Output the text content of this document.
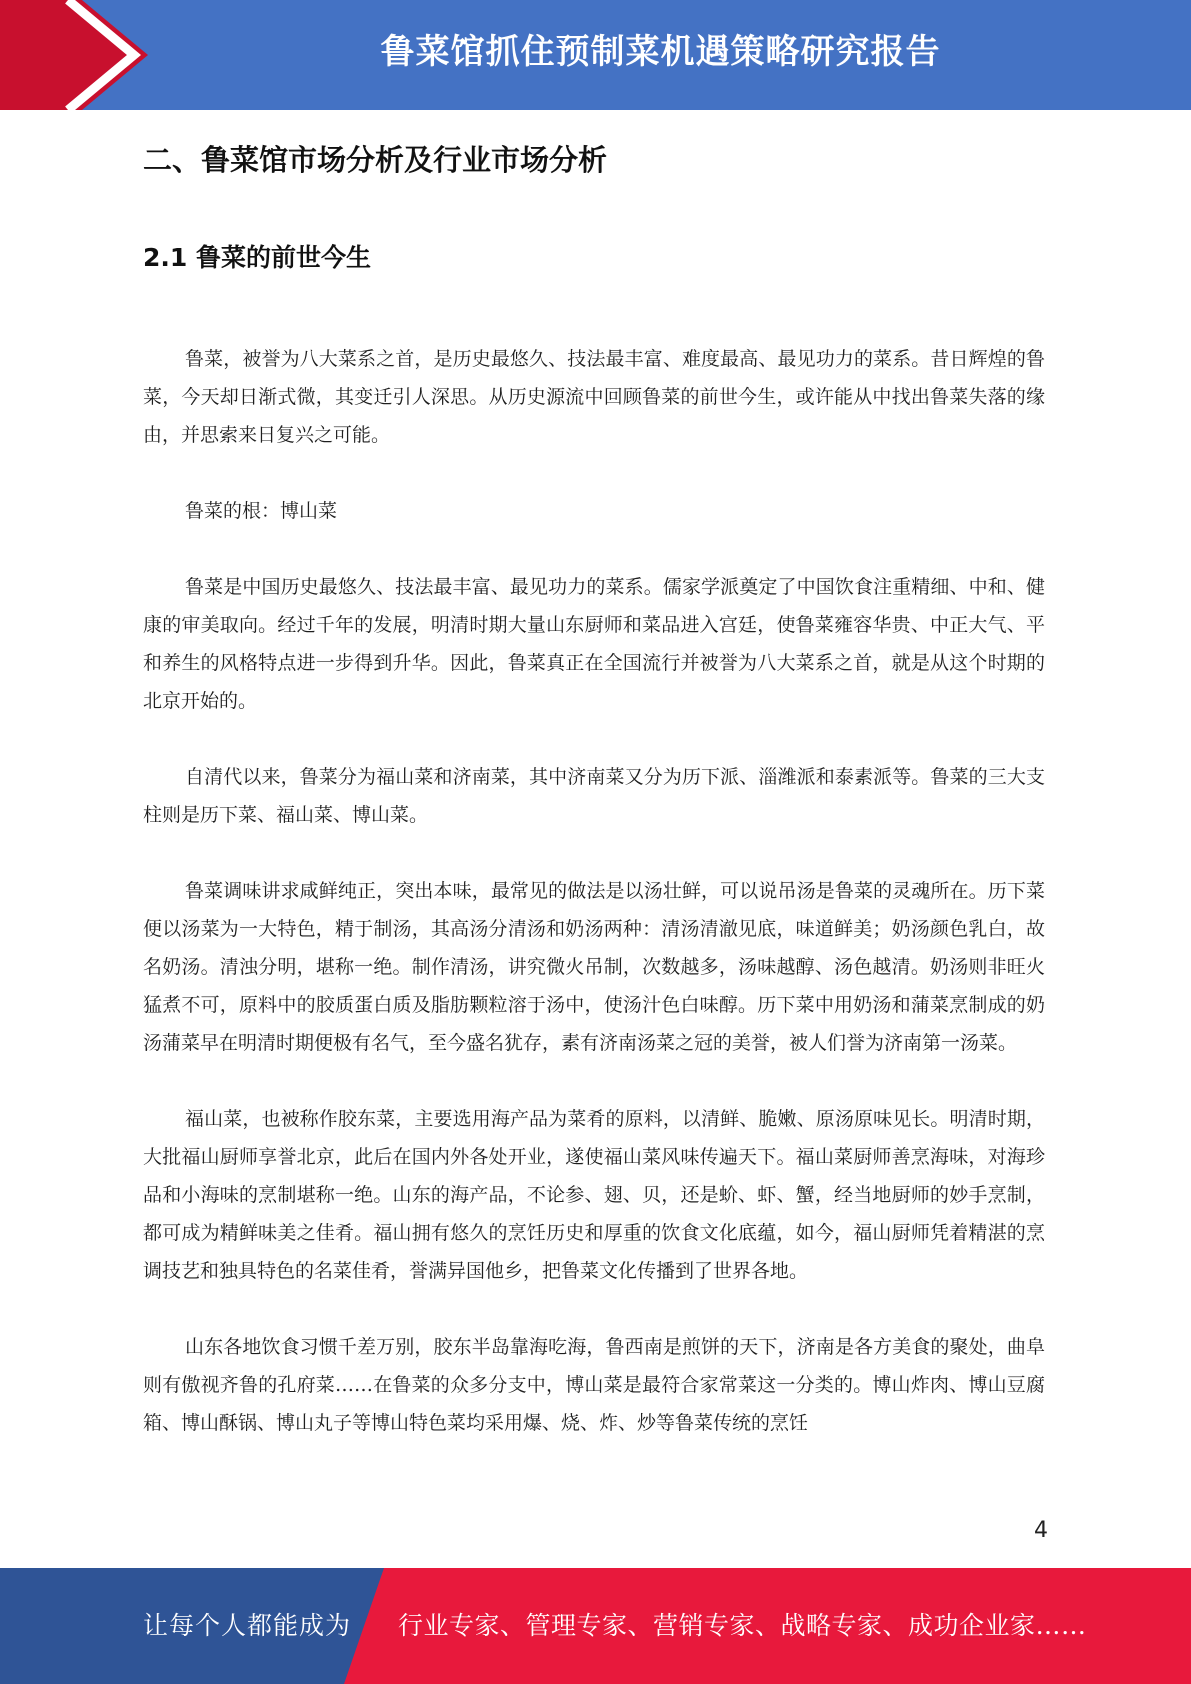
鲁菜馆抓住预制菜机遇策略研究报告
二、鲁菜馆市场分析及行业市场分析
2.1 鲁菜的前世今生

鲁菜，被誉为八大菜系之首，是历史最悠久、技法最丰富、难度最高、最见功力的菜系。昔日辉煌的鲁菜，今天却日渐式微，其变迁引人深思。从历史源流中回顾鲁菜的前世今生，或许能从中找出鲁菜失落的缘由，并思索来日复兴之可能。

鲁菜的根：博山菜

鲁菜是中国历史最悠久、技法最丰富、最见功力的菜系。儒家学派奠定了中国饮食注重精细、中和、健康的审美取向。经过千年的发展，明清时期大量山东厨师和菜品进入宫廷，使鲁菜雍容华贵、中正大气、平和养生的风格特点进一步得到升华。因此，鲁菜真正在全国流行并被誉为八大菜系之首，就是从这个时期的北京开始的。

自清代以来，鲁菜分为福山菜和济南菜，其中济南菜又分为历下派、淄潍派和泰素派等。鲁菜的三大支柱则是历下菜、福山菜、博山菜。

鲁菜调味讲求咸鲜纯正，突出本味，最常见的做法是以汤壮鲜，可以说吊汤是鲁菜的灵魂所在。历下菜便以汤菜为一大特色，精于制汤，其高汤分清汤和奶汤两种：清汤清澈见底，味道鲜美；奶汤颜色乳白，故名奶汤。清浊分明，堪称一绝。制作清汤，讲究微火吊制，次数越多，汤味越醇、汤色越清。奶汤则非旺火猛煮不可，原料中的胶质蛋白质及脂肪颗粒溶于汤中，使汤汁色白味醇。历下菜中用奶汤和蒲菜烹制成的奶汤蒲菜早在明清时期便极有名气，至今盛名犹存，素有济南汤菜之冠的美誉，被人们誉为济南第一汤菜。

福山菜，也被称作胶东菜，主要选用海产品为菜肴的原料，以清鲜、脆嫩、原汤原味见长。明清时期，大批福山厨师享誉北京，此后在国内外各处开业，遂使福山菜风味传遍天下。福山菜厨师善烹海味，对海珍品和小海味的烹制堪称一绝。山东的海产品，不论参、翅、贝，还是蚧、虾、蟹，经当地厨师的妙手烹制，都可成为精鲜味美之佳肴。福山拥有悠久的烹饪历史和厚重的饮食文化底蕴，如今，福山厨师凭着精湛的烹调技艺和独具特色的名菜佳肴，誉满异国他乡，把鲁菜文化传播到了世界各地。

山东各地饮食习惯千差万别，胶东半岛靠海吃海，鲁西南是煎饼的天下，济南是各方美食的聚处，曲阜则有傲视齐鲁的孔府菜……在鲁菜的众多分支中，博山菜是最符合家常菜这一分类的。博山炸肉、博山豆腐箱、博山酥锅、博山丸子等博山特色菜均采用爆、烧、炸、炒等鲁菜传统的烹饪

4
让每个人都能成为 行业专家、管理专家、营销专家、战略专家、成功企业家……
